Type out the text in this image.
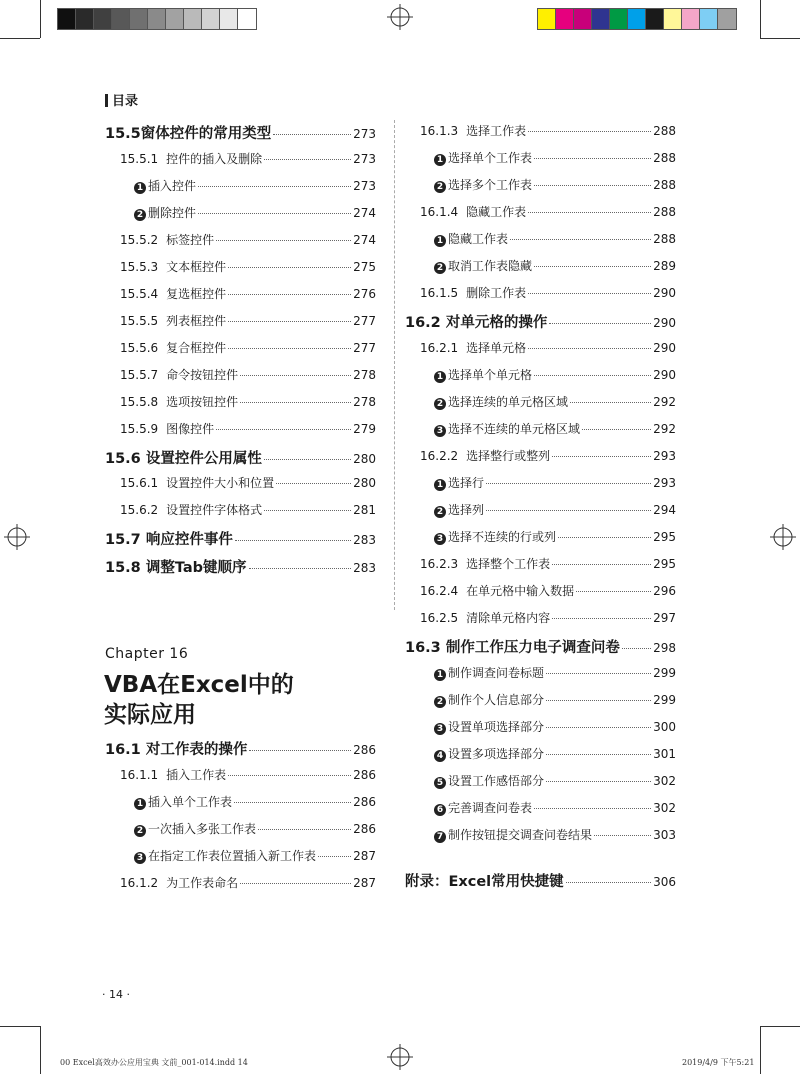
目录
15.5窗体控件的常用类型	273
15.5.1 控件的插入及删除	273
1 插入控件	273
2 删除控件	274
15.5.2 标签控件	274
15.5.3 文本框控件	275
15.5.4 复选框控件	276
15.5.5 列表框控件	277
15.5.6 复合框控件	277
15.5.7 命令按钮控件	278
15.5.8 选项按钮控件	278
15.5.9 图像控件	279
15.6 设置控件公用属性	280
15.6.1 设置控件大小和位置	280
15.6.2 设置控件字体格式	281
15.7 响应控件事件	283
15.8 调整Tab键顺序	283
Chapter 16
VBA在Excel中的
实际应用
16.1 对工作表的操作	286
16.1.1 插入工作表	286
1 插入单个工作表	286
2 一次插入多张工作表	286
3 在指定工作表位置插入新工作表	287
16.1.2 为工作表命名	287
16.1.3 选择工作表	288
1 选择单个工作表	288
2 选择多个工作表	288
16.1.4 隐藏工作表	288
1 隐藏工作表	288
2 取消工作表隐藏	289
16.1.5 删除工作表	290
16.2 对单元格的操作	290
16.2.1 选择单元格	290
1 选择单个单元格	290
2 选择连续的单元格区域	292
3 选择不连续的单元格区域	292
16.2.2 选择整行或整列	293
1 选择行	293
2 选择列	294
3 选择不连续的行或列	295
16.2.3 选择整个工作表	295
16.2.4 在单元格中输入数据	296
16.2.5 清除单元格内容	297
16.3 制作工作压力电子调查问卷	298
1 制作调查问卷标题	299
2 制作个人信息部分	299
3 设置单项选择部分	300
4 设置多项选择部分	301
5 设置工作感悟部分	302
6 完善调查问卷表	302
7 制作按钮提交调查问卷结果	303
附录：Excel常用快捷键	306
· 14 ·
00 Excel高效办公应用宝典 文前_001-014.indd 14	2019/4/9 下午5:21
